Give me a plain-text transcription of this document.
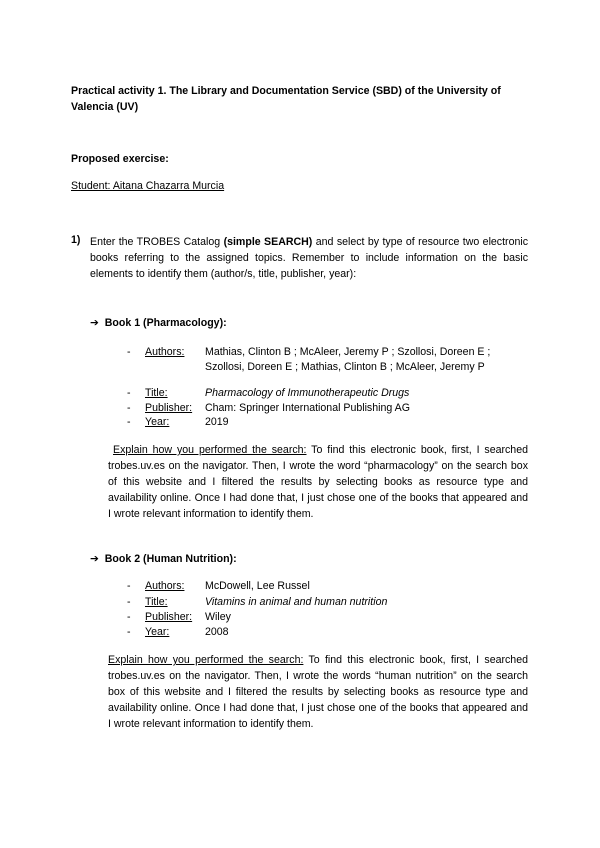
Practical activity 1. The Library and Documentation Service (SBD) of the University of Valencia (UV)
Proposed exercise:
Student: Aitana Chazarra Murcia
1) Enter the TROBES Catalog (simple SEARCH) and select by type of resource two electronic books referring to the assigned topics. Remember to include information on the basic elements to identify them (author/s, title, publisher, year):
➔ Book 1 (Pharmacology):
- Authors: Mathias, Clinton B ; McAleer, Jeremy P ; Szollosi, Doreen E ; Szollosi, Doreen E ; Mathias, Clinton B ; McAleer, Jeremy P
- Title:	Pharmacology of Immunotherapeutic Drugs
- Publisher: Cham: Springer International Publishing AG
- Year:	2019
Explain how you performed the search: To find this electronic book, first, I searched trobes.uv.es on the navigator. Then, I wrote the word “pharmacology” on the search box of this website and I filtered the results by selecting books as resource type and availability online. Once I had done that, I just chose one of the books that appeared and I wrote relevant information to identify them.
➔ Book 2 (Human Nutrition):
- Authors: McDowell, Lee Russel
- Title:	Vitamins in animal and human nutrition
- Publisher: Wiley
- Year:	2008
Explain how you performed the search: To find this electronic book, first, I searched trobes.uv.es on the navigator. Then, I wrote the words “human nutrition” on the search box of this website and I filtered the results by selecting books as resource type and availability online. Once I had done that, I just chose one of the books that appeared and I wrote relevant information to identify them.
